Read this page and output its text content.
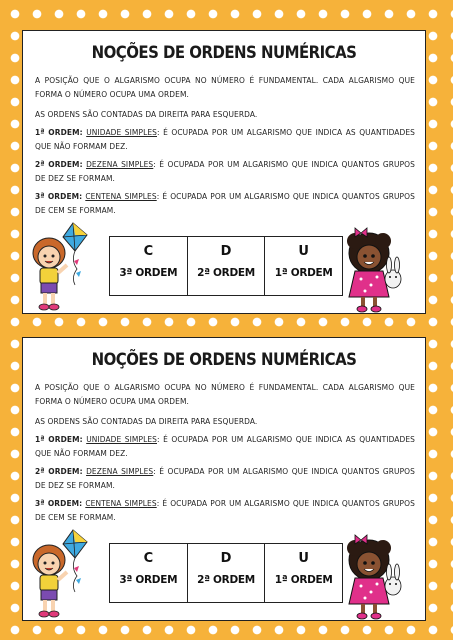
NOÇÕES DE ORDENS NUMÉRICAS

A POSIÇÃO QUE O ALGARISMO OCUPA NO NÚMERO É FUNDAMENTAL. CADA ALGARISMO QUE FORMA O NÚMERO OCUPA UMA ORDEM.

AS ORDENS SÃO CONTADAS DA DIREITA PARA ESQUERDA.

1ª ORDEM: UNIDADE SIMPLES: É OCUPADA POR UM ALGARISMO QUE INDICA AS QUANTIDADES QUE NÃO FORMAM DEZ.

2ª ORDEM: DEZENA SIMPLES: É OCUPADA POR UM ALGARISMO QUE INDICA QUANTOS GRUPOS DE DEZ SE FORMAM.

3ª ORDEM: CENTENA SIMPLES: É OCUPADA POR UM ALGARISMO QUE INDICA QUANTOS GRUPOS DE CEM SE FORMAM.

C
3ª ORDEM
D
2ª ORDEM
U
1ª ORDEM
NOÇÕES DE ORDENS NUMÉRICAS

A POSIÇÃO QUE O ALGARISMO OCUPA NO NÚMERO É FUNDAMENTAL. CADA ALGARISMO QUE FORMA O NÚMERO OCUPA UMA ORDEM.

AS ORDENS SÃO CONTADAS DA DIREITA PARA ESQUERDA.

1ª ORDEM: UNIDADE SIMPLES: É OCUPADA POR UM ALGARISMO QUE INDICA AS QUANTIDADES QUE NÃO FORMAM DEZ.

2ª ORDEM: DEZENA SIMPLES: É OCUPADA POR UM ALGARISMO QUE INDICA QUANTOS GRUPOS DE DEZ SE FORMAM.

3ª ORDEM: CENTENA SIMPLES: É OCUPADA POR UM ALGARISMO QUE INDICA QUANTOS GRUPOS DE CEM SE FORMAM.

C
3ª ORDEM
D
2ª ORDEM
U
1ª ORDEM
